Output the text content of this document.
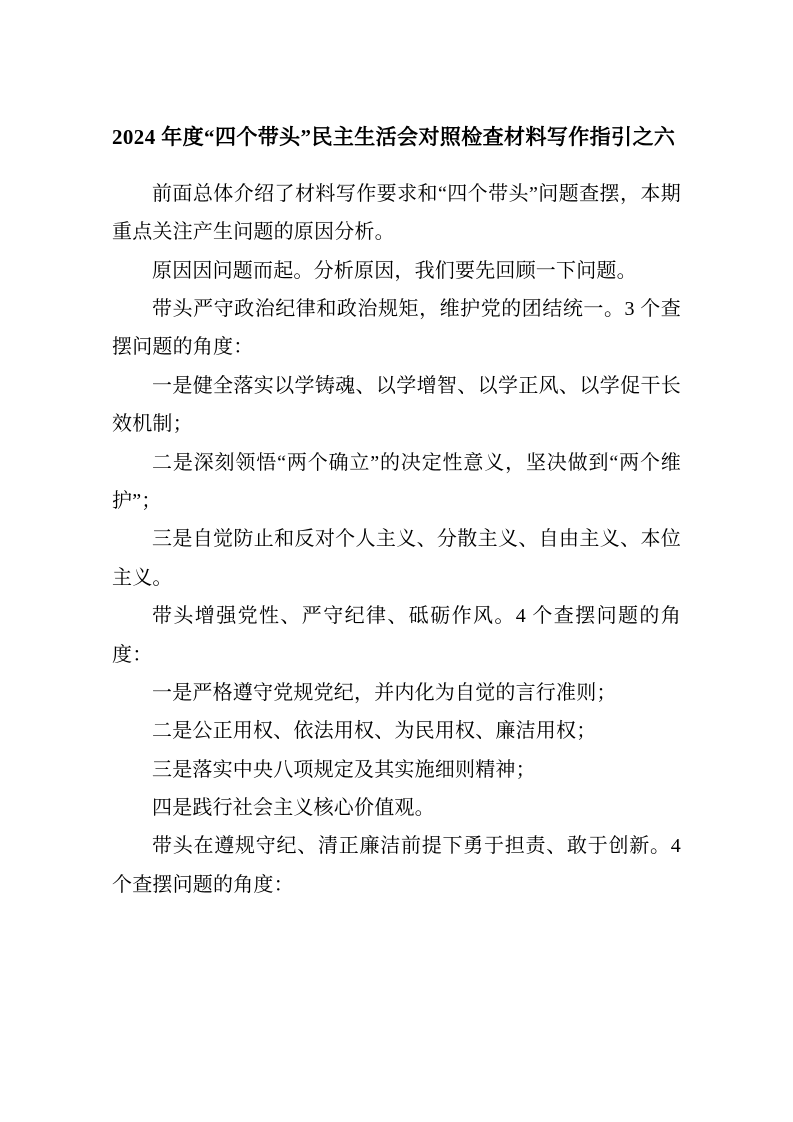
2024 年度“四个带头”民主生活会对照检查材料写作指引之六

前面总体介绍了材料写作要求和“四个带头”问题查摆，本期重点关注产生问题的原因分析。

原因因问题而起。分析原因，我们要先回顾一下问题。

带头严守政治纪律和政治规矩，维护党的团结统一。3 个查摆问题的角度：

一是健全落实以学铸魂、以学增智、以学正风、以学促干长效机制；

二是深刻领悟“两个确立”的决定性意义，坚决做到“两个维护”；

三是自觉防止和反对个人主义、分散主义、自由主义、本位主义。

带头增强党性、严守纪律、砥砺作风。4 个查摆问题的角度：

一是严格遵守党规党纪，并内化为自觉的言行准则；

二是公正用权、依法用权、为民用权、廉洁用权；

三是落实中央八项规定及其实施细则精神；

四是践行社会主义核心价值观。

带头在遵规守纪、清正廉洁前提下勇于担责、敢于创新。4 个查摆问题的角度：
